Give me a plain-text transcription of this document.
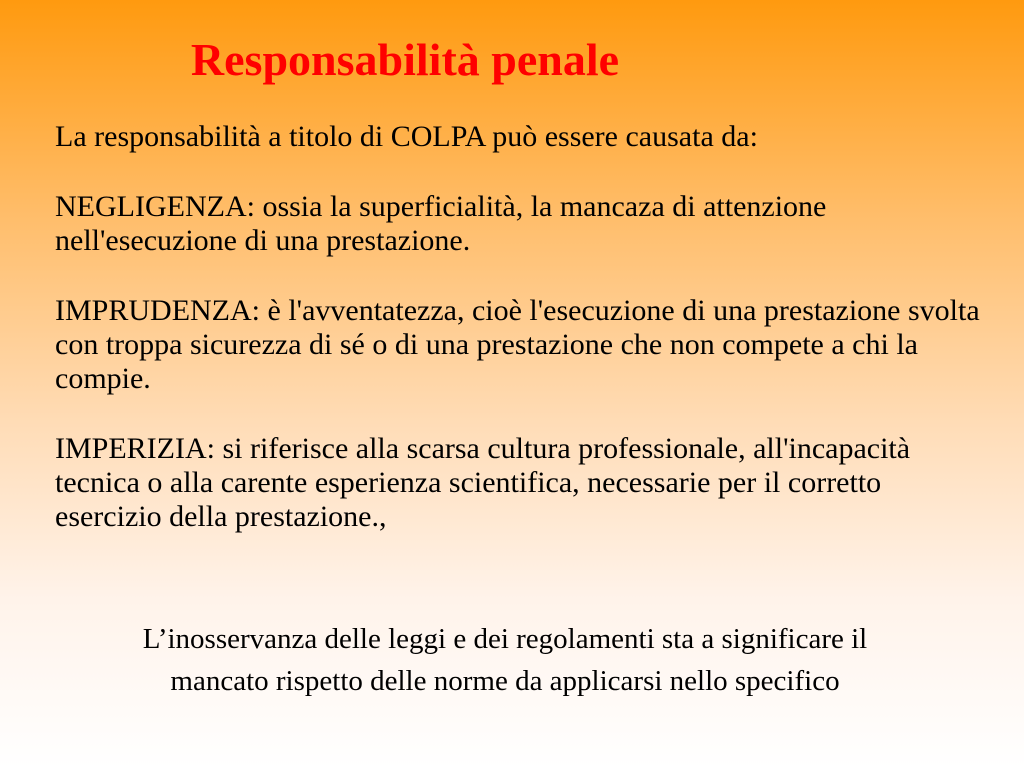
Responsabilità penale

La responsabilità a titolo di COLPA può essere causata da:

NEGLIGENZA: ossia la superficialità, la mancaza di attenzione nell'esecuzione di una prestazione.

IMPRUDENZA: è l'avventatezza, cioè l'esecuzione di una prestazione svolta con troppa sicurezza di sé o di una prestazione che non compete a chi la compie.

IMPERIZIA: si riferisce alla scarsa cultura professionale, all'incapacità tecnica o alla carente esperienza scientifica, necessarie per il corretto esercizio della prestazione.,

L’inosservanza delle leggi e dei regolamenti sta a significare il
mancato rispetto delle norme da applicarsi nello specifico
